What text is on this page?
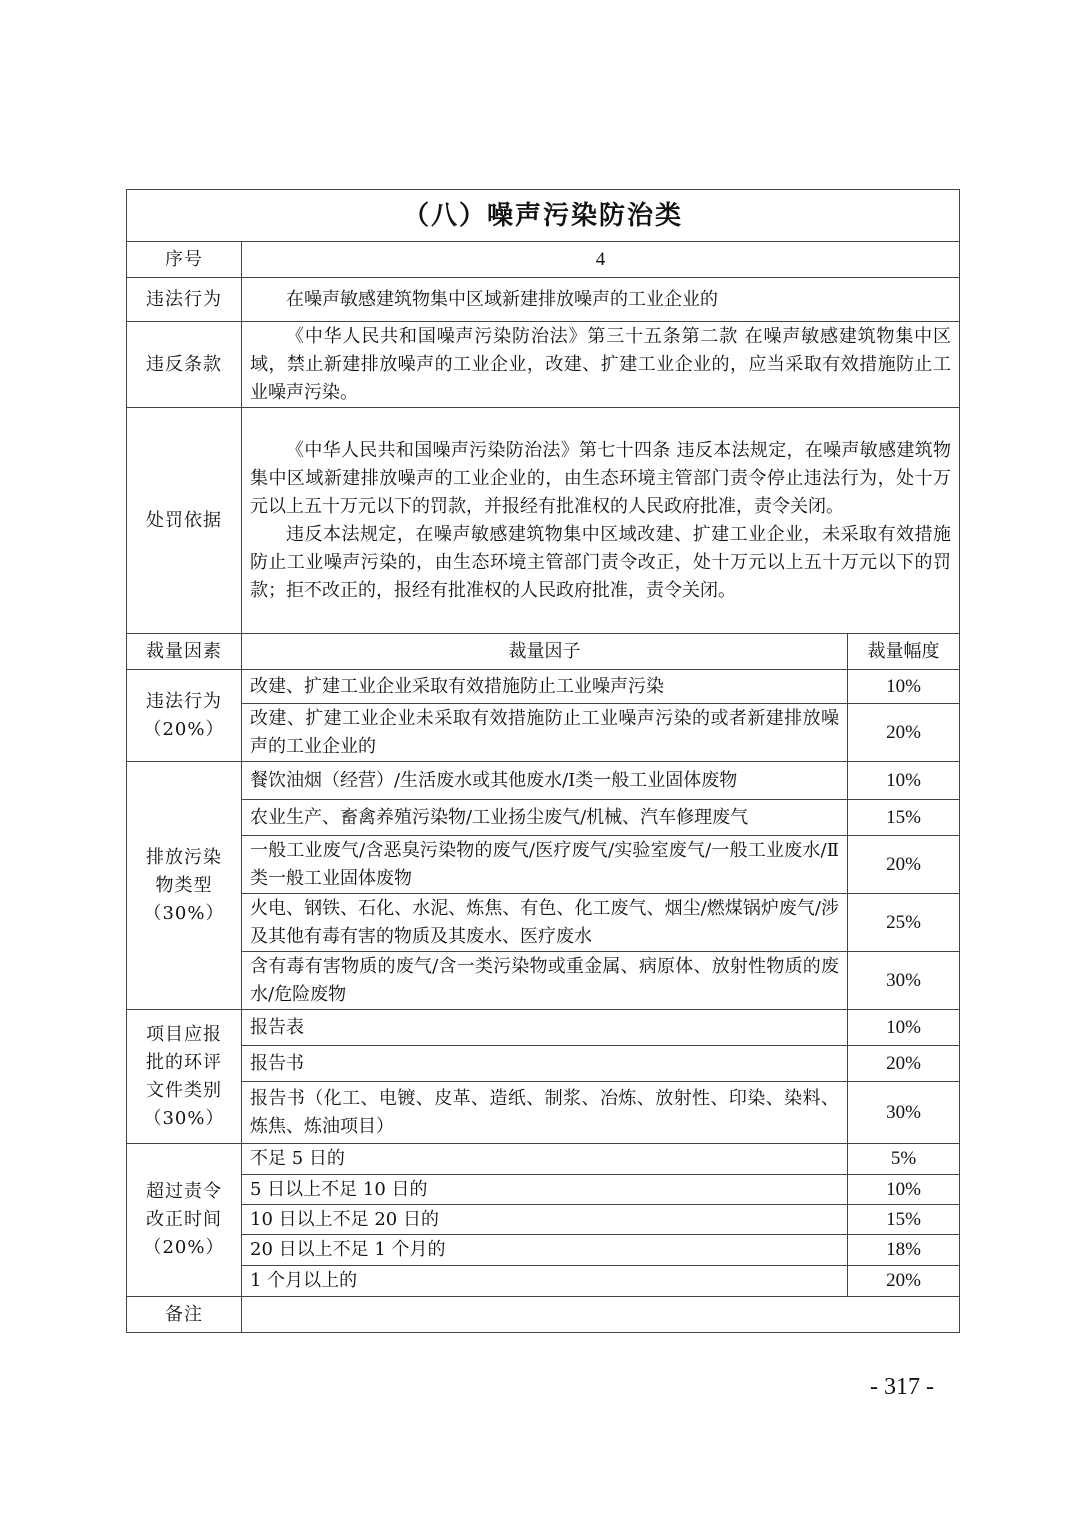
（八）噪声污染防治类		
序号	4	
违法行为	在噪声敏感建筑物集中区域新建排放噪声的工业企业的	
违反条款	《中华人民共和国噪声污染防治法》第三十五条第二款 在噪声敏感建筑物集中区域，禁止新建排放噪声的工业企业，改建、扩建工业企业的，应当采取有效措施防止工业噪声污染。	
处罚依据	《中华人民共和国噪声污染防治法》第七十四条 违反本法规定，在噪声敏感建筑物集中区域新建排放噪声的工业企业的，由生态环境主管部门责令停止违法行为，处十万元以上五十万元以下的罚款，并报经有批准权的人民政府批准，责令关闭。
违反本法规定，在噪声敏感建筑物集中区域改建、扩建工业企业，未采取有效措施防止工业噪声污染的，由生态环境主管部门责令改正，处十万元以上五十万元以下的罚款；拒不改正的，报经有批准权的人民政府批准，责令关闭。	

裁量因素	裁量因子	裁量幅度

违法行为
（20%）	改建、扩建工业企业采取有效措施防止工业噪声污染	10%
	改建、扩建工业企业未采取有效措施防止工业噪声污染的或者新建排放噪声的工业企业的	20%

排放污染
物类型
（30%）	餐饮油烟（经营）/生活废水或其他废水/Ⅰ类一般工业固体废物	10%
	农业生产、畜禽养殖污染物/工业扬尘废气/机械、汽车修理废气	15%
	一般工业废气/含恶臭污染物的废气/医疗废气/实验室废气/一般工业废水/Ⅱ类一般工业固体废物	20%
	火电、钢铁、石化、水泥、炼焦、有色、化工废气、烟尘/燃煤锅炉废气/涉及其他有毒有害的物质及其废水、医疗废水	25%
	含有毒有害物质的废气/含一类污染物或重金属、病原体、放射性物质的废水/危险废物	30%

项目应报
批的环评
文件类别
（30%）	报告表	10%
	报告书	20%
	报告书（化工、电镀、皮革、造纸、制浆、冶炼、放射性、印染、染料、炼焦、炼油项目）	30%

超过责令
改正时间
（20%）	不足 5 日的	5%
	5 日以上不足 10 日的	10%
	10 日以上不足 20 日的	15%
	20 日以上不足 1 个月的	18%
	1 个月以上的	20%
备注		
- 317 -
